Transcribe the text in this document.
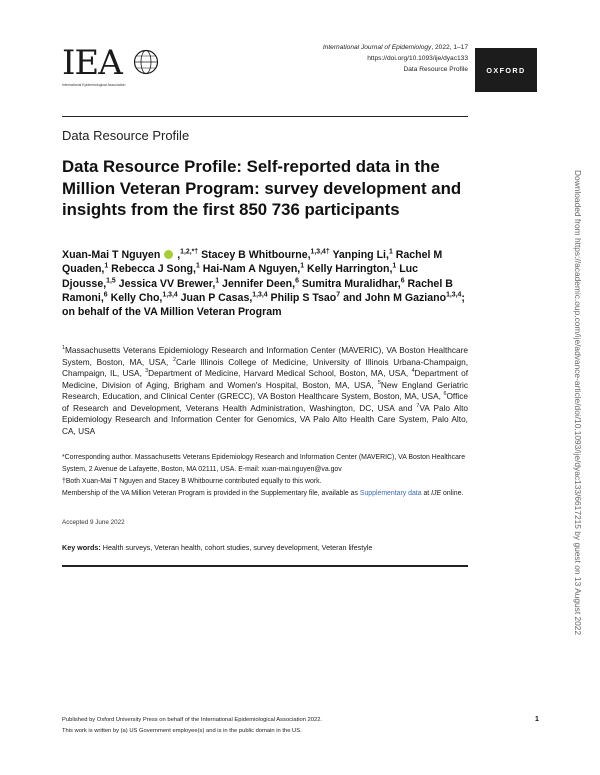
IEA
International Epidemiological Association
International Journal of Epidemiology, 2022, 1–17
https://doi.org/10.1093/ije/dyac133
Data Resource Profile	OXFORD
Data Resource Profile
Data Resource Profile: Self-reported data in the Million Veteran Program: survey development and insights from the first 850 736 participants
Xuan-Mai T Nguyen  ,$^{1,2,*\dagger}$ Stacey B Whitbourne,$^{1,3,4\dagger}$ Yanping Li,$^1$ Rachel M Quaden,$^1$ Rebecca J Song,$^1$ Hai-Nam A Nguyen,$^1$ Kelly Harrington,$^1$ Luc Djousse,$^{1,5}$ Jessica VV Brewer,$^1$ Jennifer Deen,$^6$ Sumitra Muralidhar,$^6$ Rachel B Ramoni,$^6$ Kelly Cho,$^{1,3,4}$ Juan P Casas,$^{1,3,4}$ Philip S Tsao$^7$ and John M Gaziano$^{1,3,4}$; on behalf of the VA Million Veteran Program
$^1$Massachusetts Veterans Epidemiology Research and Information Center (MAVERIC), VA Boston Healthcare System, Boston, MA, USA, $^2$Carle Illinois College of Medicine, University of Illinois Urbana-Champaign, Champaign, IL, USA, $^3$Department of Medicine, Harvard Medical School, Boston, MA, USA, $^4$Department of Medicine, Division of Aging, Brigham and Women's Hospital, Boston, MA, USA, $^5$New England Geriatric Research, Education, and Clinical Center (GRECC), VA Boston Healthcare System, Boston, MA, USA, $^6$Office of Research and Development, Veterans Health Administration, Washington, DC, USA and $^7$VA Palo Alto Epidemiology Research and Information Center for Genomics, VA Palo Alto Health Care System, Palo Alto, CA, USA

*Corresponding author. Massachusetts Veterans Epidemiology Research and Information Center (MAVERIC), VA Boston Healthcare System, 2 Avenue de Lafayette, Boston, MA 02111, USA. E-mail: xuan-mai.nguyen@va.gov

†Both Xuan-Mai T Nguyen and Stacey B Whitbourne contributed equally to this work.

Membership of the VA Million Veteran Program is provided in the Supplementary file, available as Supplementary data at IJE online.

Accepted 9 June 2022
Key words: Health surveys, Veteran health, cohort studies, survey development, Veteran lifestyle
Published by Oxford University Press on behalf of the International Epidemiological Association 2022.
This work is written by (a) US Government employee(s) and is in the public domain in the US.
1
Downloaded from https://academic.oup.com/ije/advance-article/doi/10.1093/ije/dyac133/6617215 by guest on 13 August 2022
